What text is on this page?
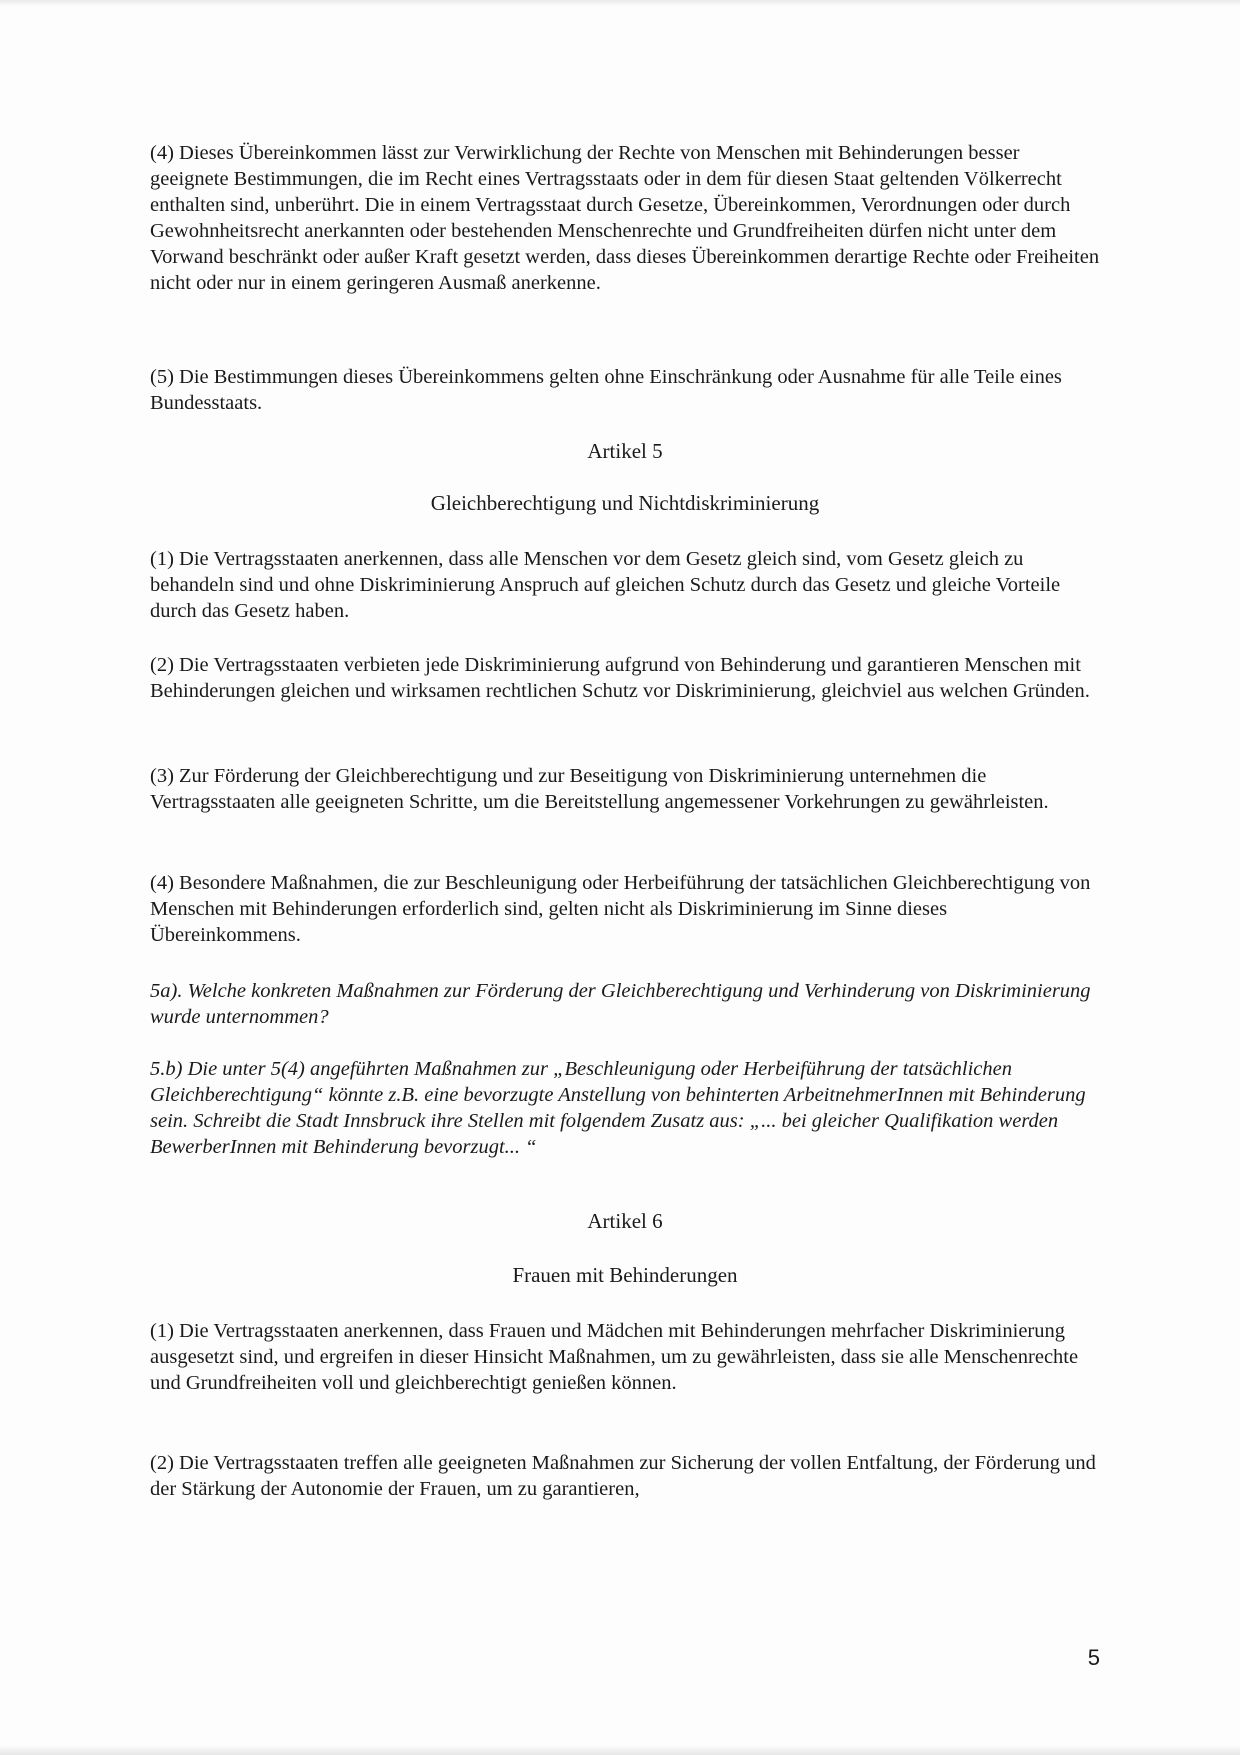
(4) Dieses Übereinkommen lässt zur Verwirklichung der Rechte von Menschen mit Behinderungen besser geeignete Bestimmungen, die im Recht eines Vertragsstaats oder in dem für diesen Staat geltenden Völkerrecht enthalten sind, unberührt. Die in einem Vertragsstaat durch Gesetze, Übereinkommen, Verordnungen oder durch Gewohnheitsrecht anerkannten oder bestehenden Menschenrechte und Grundfreiheiten dürfen nicht unter dem Vorwand beschränkt oder außer Kraft gesetzt werden, dass dieses Übereinkommen derartige Rechte oder Freiheiten nicht oder nur in einem geringeren Ausmaß anerkenne.

(5) Die Bestimmungen dieses Übereinkommens gelten ohne Einschränkung oder Ausnahme für alle Teile eines Bundesstaats.

Artikel 5

Gleichberechtigung und Nichtdiskriminierung

(1) Die Vertragsstaaten anerkennen, dass alle Menschen vor dem Gesetz gleich sind, vom Gesetz gleich zu behandeln sind und ohne Diskriminierung Anspruch auf gleichen Schutz durch das Gesetz und gleiche Vorteile durch das Gesetz haben.

(2) Die Vertragsstaaten verbieten jede Diskriminierung aufgrund von Behinderung und garantieren Menschen mit Behinderungen gleichen und wirksamen rechtlichen Schutz vor Diskriminierung, gleichviel aus welchen Gründen.

(3) Zur Förderung der Gleichberechtigung und zur Beseitigung von Diskriminierung unternehmen die Vertragsstaaten alle geeigneten Schritte, um die Bereitstellung angemessener Vorkehrungen zu gewährleisten.

(4) Besondere Maßnahmen, die zur Beschleunigung oder Herbeiführung der tatsächlichen Gleichberechtigung von Menschen mit Behinderungen erforderlich sind, gelten nicht als Diskriminierung im Sinne dieses Übereinkommens.

5a). Welche konkreten Maßnahmen zur Förderung der Gleichberechtigung und Verhinderung von Diskriminierung wurde unternommen?

5.b) Die unter 5(4) angeführten Maßnahmen zur „Beschleunigung oder Herbeiführung der tatsächlichen Gleichberechtigung“ könnte z.B. eine bevorzugte Anstellung von behinterten ArbeitnehmerInnen mit Behinderung sein. Schreibt die Stadt Innsbruck ihre Stellen mit folgendem Zusatz aus: „... bei gleicher Qualifikation werden BewerberInnen mit Behinderung bevorzugt... “

Artikel 6

Frauen mit Behinderungen

(1) Die Vertragsstaaten anerkennen, dass Frauen und Mädchen mit Behinderungen mehrfacher Diskriminierung ausgesetzt sind, und ergreifen in dieser Hinsicht Maßnahmen, um zu gewährleisten, dass sie alle Menschenrechte und Grundfreiheiten voll und gleichberechtigt genießen können.

(2) Die Vertragsstaaten treffen alle geeigneten Maßnahmen zur Sicherung der vollen Entfaltung, der Förderung und der Stärkung der Autonomie der Frauen, um zu garantieren,

5
